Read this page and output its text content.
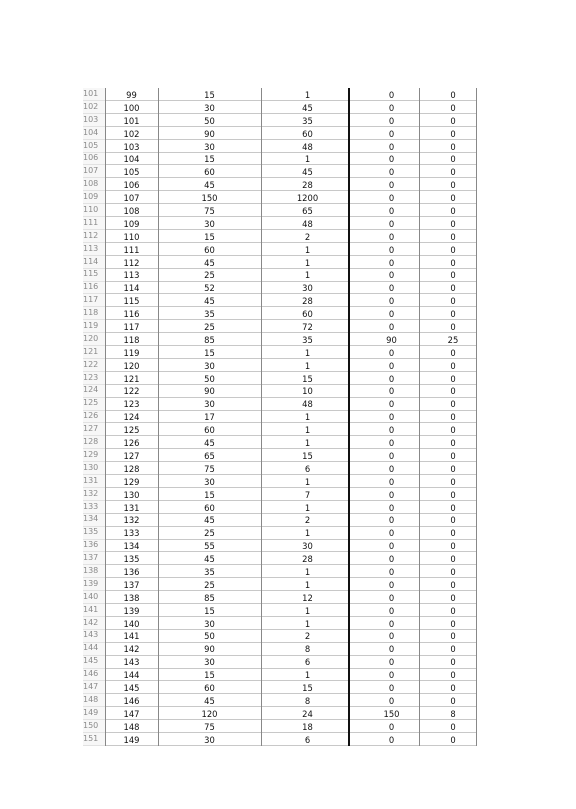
101	99	15	1	0	0
102	100	30	45	0	0
103	101	50	35	0	0
104	102	90	60	0	0
105	103	30	48	0	0
106	104	15	1	0	0
107	105	60	45	0	0
108	106	45	28	0	0
109	107	150	1200	0	0
110	108	75	65	0	0
111	109	30	48	0	0
112	110	15	2	0	0
113	111	60	1	0	0
114	112	45	1	0	0
115	113	25	1	0	0
116	114	52	30	0	0
117	115	45	28	0	0
118	116	35	60	0	0
119	117	25	72	0	0
120	118	85	35	90	25
121	119	15	1	0	0
122	120	30	1	0	0
123	121	50	15	0	0
124	122	90	10	0	0
125	123	30	48	0	0
126	124	17	1	0	0
127	125	60	1	0	0
128	126	45	1	0	0
129	127	65	15	0	0
130	128	75	6	0	0
131	129	30	1	0	0
132	130	15	7	0	0
133	131	60	1	0	0
134	132	45	2	0	0
135	133	25	1	0	0
136	134	55	30	0	0
137	135	45	28	0	0
138	136	35	1	0	0
139	137	25	1	0	0
140	138	85	12	0	0
141	139	15	1	0	0
142	140	30	1	0	0
143	141	50	2	0	0
144	142	90	8	0	0
145	143	30	6	0	0
146	144	15	1	0	0
147	145	60	15	0	0
148	146	45	8	0	0
149	147	120	24	150	8
150	148	75	18	0	0
151	149	30	6	0	0
